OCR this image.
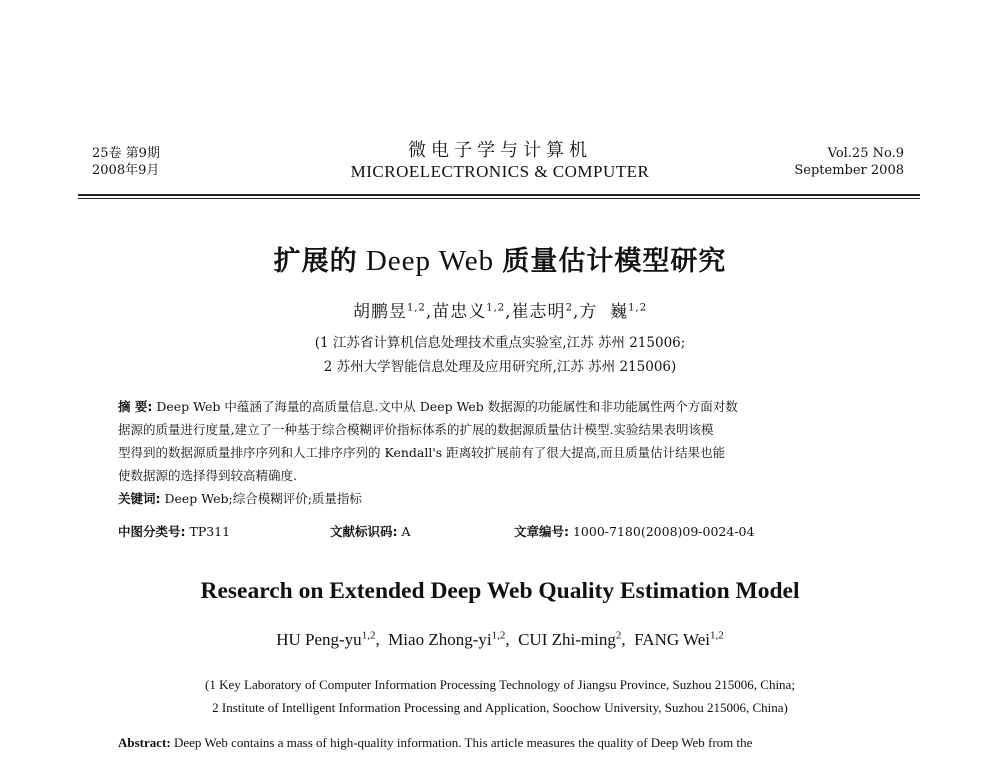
25卷 第9期
2008年9月
微电子学与计算机
MICROELECTRONICS & COMPUTER
Vol.25 No.9
September 2008
扩展的 Deep Web 质量估计模型研究
胡鹏昱$^{1,2}$,苗忠义$^{1,2}$,崔志明$^2$,方  巍$^{1,2}$
(1 江苏省计算机信息处理技术重点实验室,江苏 苏州 215006;
2 苏州大学智能信息处理及应用研究所,江苏 苏州 215006)
摘 要: Deep Web 中蕴涵了海量的高质量信息.文中从 Deep Web 数据源的功能属性和非功能属性两个方面对数
据源的质量进行度量,建立了一种基于综合模糊评价指标体系的扩展的数据源质量估计模型.实验结果表明该模
型得到的数据源质量排序序列和人工排序序列的 Kendall's 距离较扩展前有了很大提高,而且质量估计结果也能
使数据源的选择得到较高精确度.
关键词: Deep Web;综合模糊评价;质量指标
中图分类号: TP311	文献标识码: A	文章编号: 1000-7180(2008)09-0024-04
Research on Extended Deep Web Quality Estimation Model
HU Peng-yu$^{1,2}$,  Miao Zhong-yi$^{1,2}$,  CUI Zhi-ming$^2$,  FANG Wei$^{1,2}$
(1 Key Laboratory of Computer Information Processing Technology of Jiangsu Province, Suzhou 215006, China;
2 Institute of Intelligent Information Processing and Application, Soochow University, Suzhou 215006, China)
Abstract: Deep Web contains a mass of high-quality information. This article measures the quality of Deep Web from the
